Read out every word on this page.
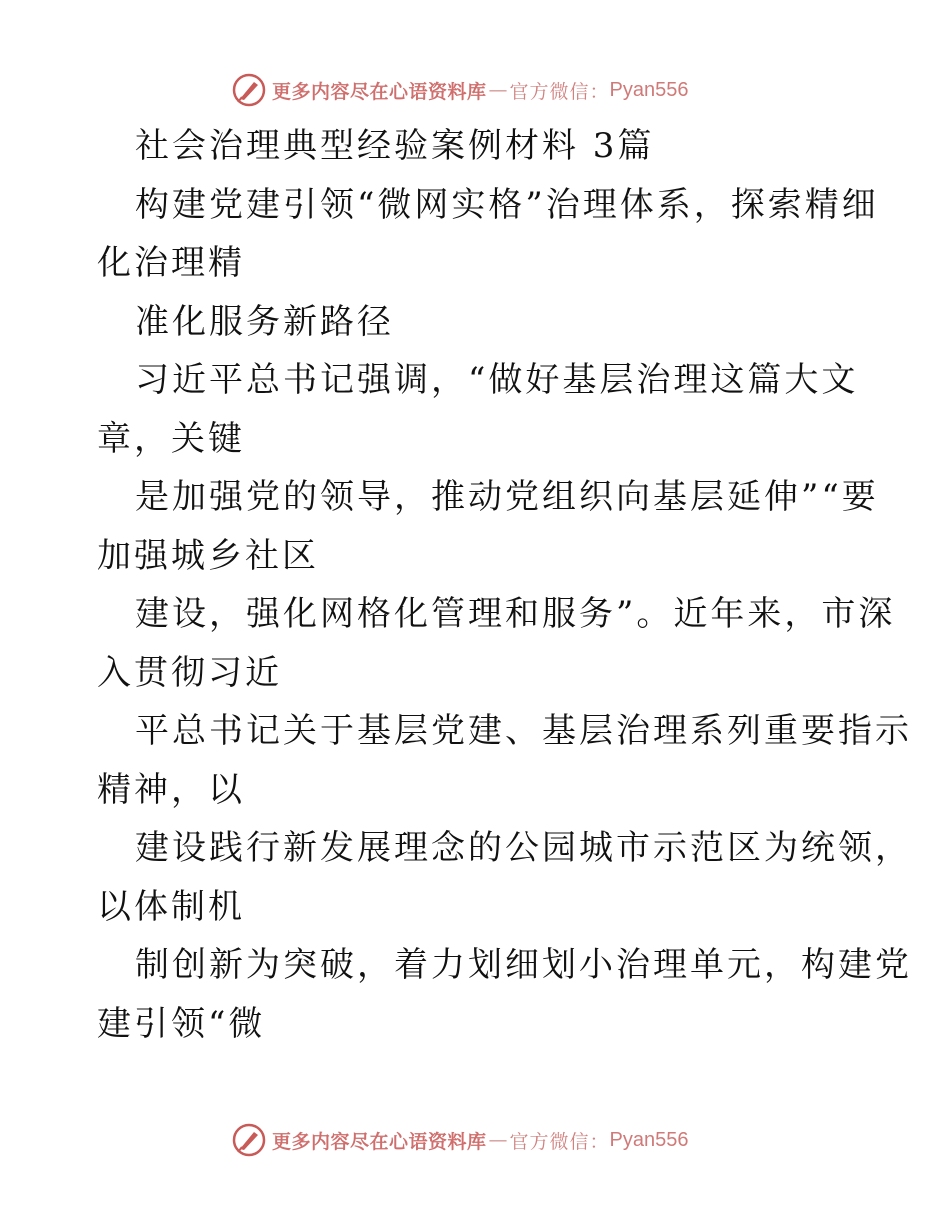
更多内容尽在心语资料库 — 官方微信： Pyan556
社会治理典型经验案例材料 3篇
构建党建引领“微网实格”治理体系，探索精细
化治理精
准化服务新路径
习近平总书记强调，“做好基层治理这篇大文
章，关键
是加强党的领导，推动党组织向基层延伸”“要
加强城乡社区
建设，强化网格化管理和服务”。近年来，市深
入贯彻习近
平总书记关于基层党建、基层治理系列重要指示
精神，以
建设践行新发展理念的公园城市示范区为统领，
以体制机
制创新为突破，着力划细划小治理单元，构建党
建引领“微
更多内容尽在心语资料库 — 官方微信： Pyan556
